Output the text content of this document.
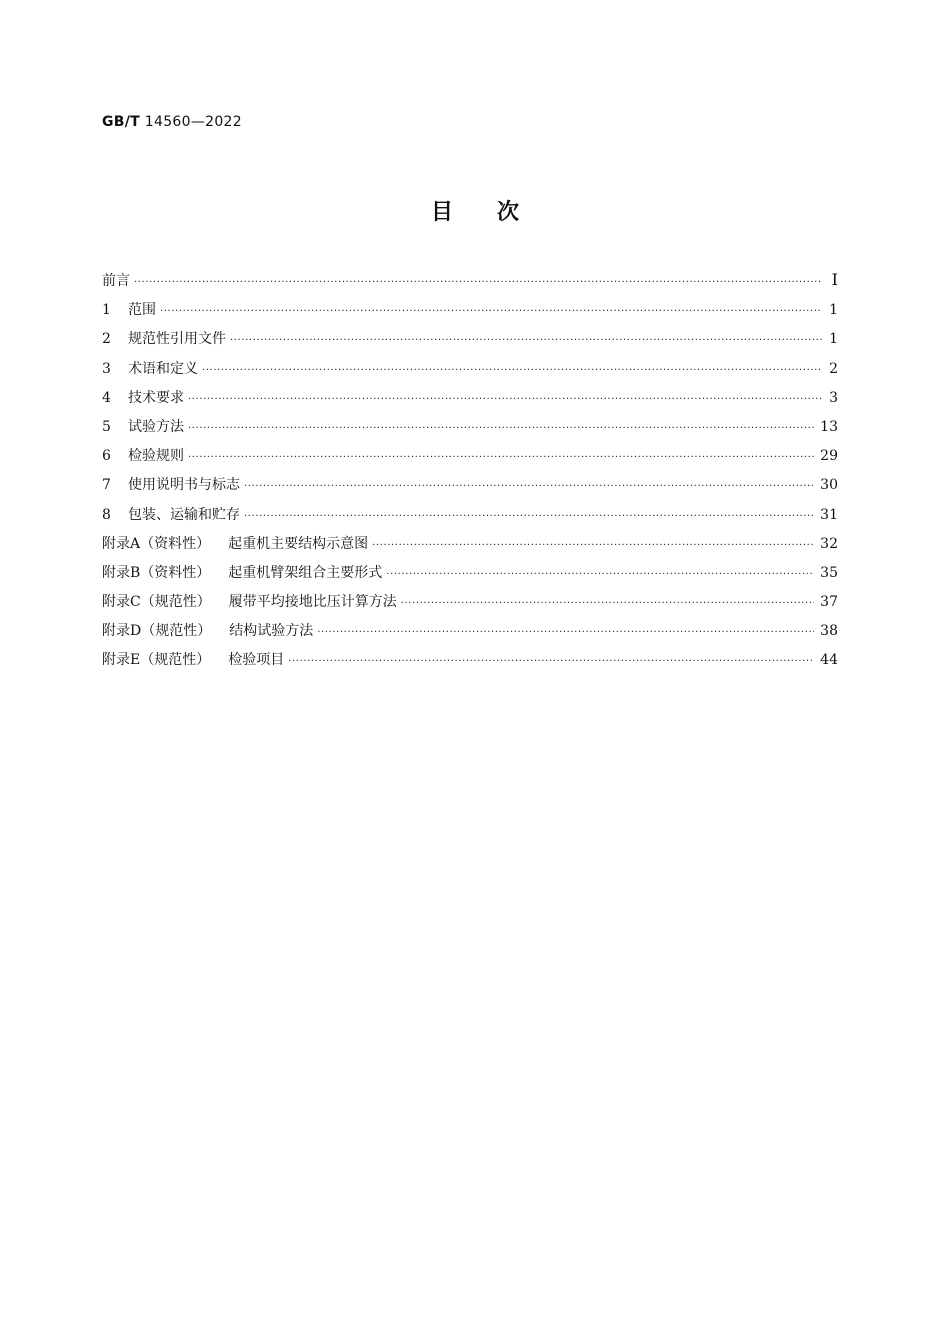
GB/T 14560—2022
目次
前言 ·····	Ⅰ
1 范围 ·····	1
2 规范性引用文件 ·····	1
3 术语和定义 ·····	2
4 技术要求 ·····	3
5 试验方法 ·····	13
6 检验规则 ·····	29
7 使用说明书与标志 ·····	30
8 包装、运输和贮存 ·····	31
附录A（资料性） 起重机主要结构示意图 ·····	32
附录B（资料性） 起重机臂架组合主要形式 ·····	35
附录C（规范性） 履带平均接地比压计算方法 ·····	37
附录D（规范性） 结构试验方法 ·····	38
附录E（规范性） 检验项目 ·····	44
